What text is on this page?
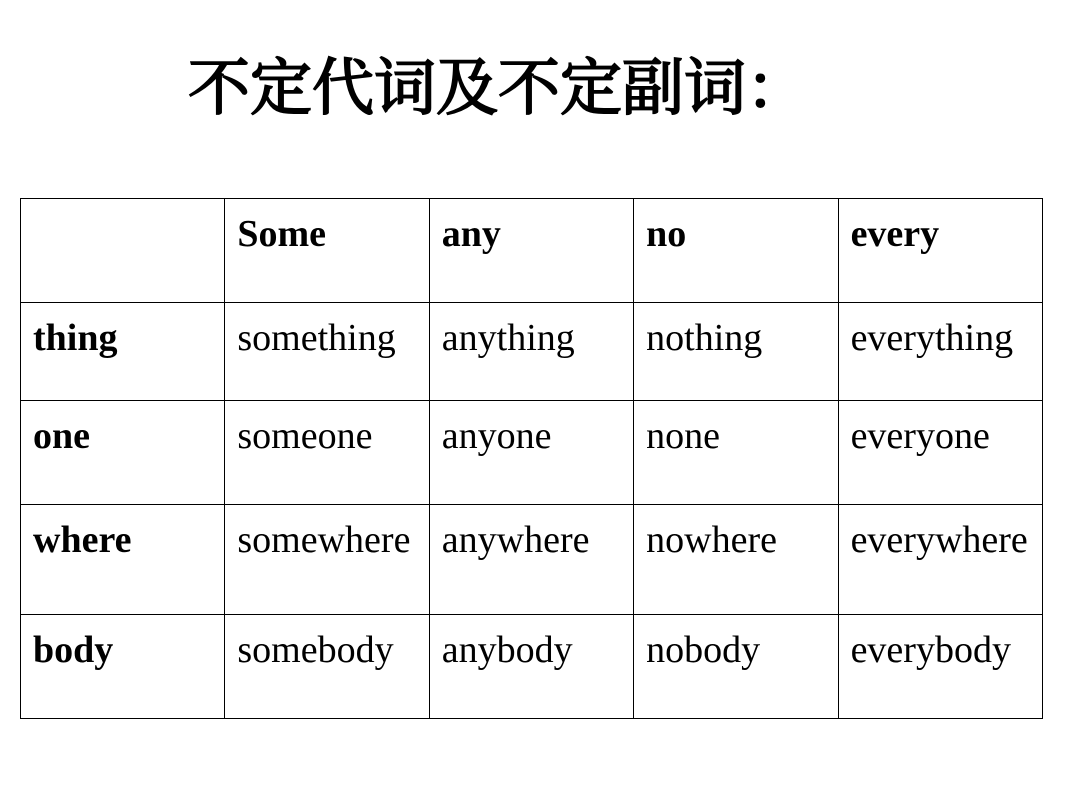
不定代词及不定副词：
	Some	any	no	every
thing	something	anything	nothing	everything
one	someone	anyone	none	everyone
where	somewhere	anywhere	nowhere	everywhere
body	somebody	anybody	nobody	everybody
